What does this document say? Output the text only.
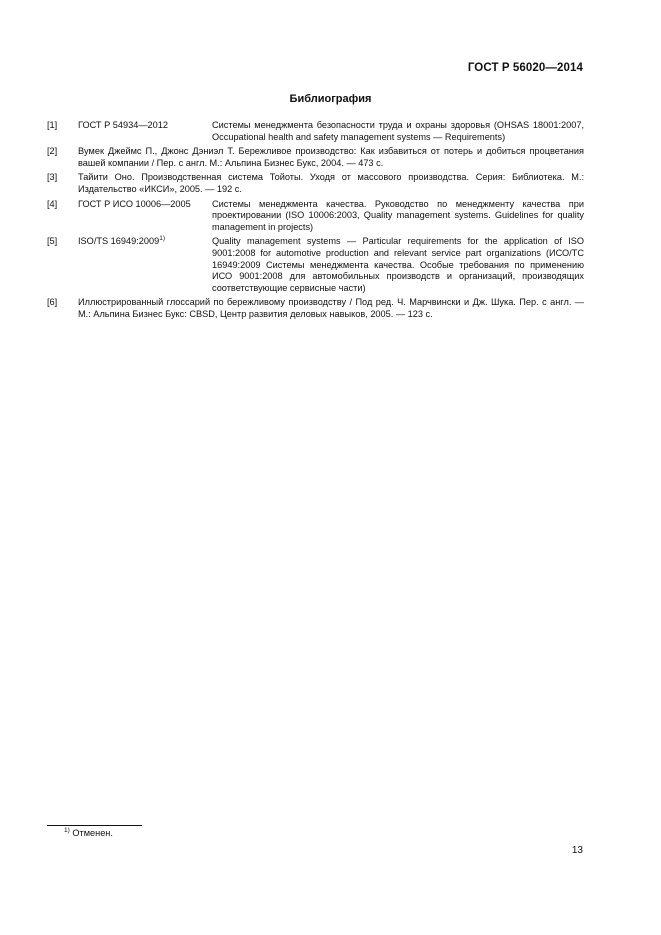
ГОСТ Р 56020—2014
Библиография
[1] ГОСТ Р 54934—2012	Системы менеджмента безопасности труда и охраны здоровья (OHSAS 18001:2007, Occupational health and safety management systems — Requirements)
[2]	Вумек Джеймс П., Джонс Дэниэл Т. Бережливое производство: Как избавиться от потерь и добиться процветания вашей компании / Пер. с англ. М.: Альпина Бизнес Букс, 2004. — 473 с.
[3]	Тайити Оно. Производственная система Тойоты. Уходя от массового производства. Серия: Библиотека. М.: Издательство «ИКСИ», 2005. — 192 с.
[4] ГОСТ Р ИСО 10006—2005	Системы менеджмента качества. Руководство по менеджменту качества при проектировании (ISO 10006:2003, Quality management systems. Guidelines for quality management in projects)
[5] ISO/TS 16949:2009$^{1)}$	Quality management systems — Particular requirements for the application of ISO 9001:2008 for automotive production and relevant service part organizations (ИСО/ТС 16949:2009 Системы менеджмента качества. Особые требования по применению ИСО 9001:2008 для автомобильных производств и организаций, производящих соответствующие сервисные части)
[6]	Иллюстрированный глоссарий по бережливому производству / Под ред. Ч. Марчвински и Дж. Шука. Пер. с англ. — М.: Альпина Бизнес Букс: CBSD, Центр развития деловых навыков, 2005. — 123 с.
$^{1)}$ Отменен.
13
